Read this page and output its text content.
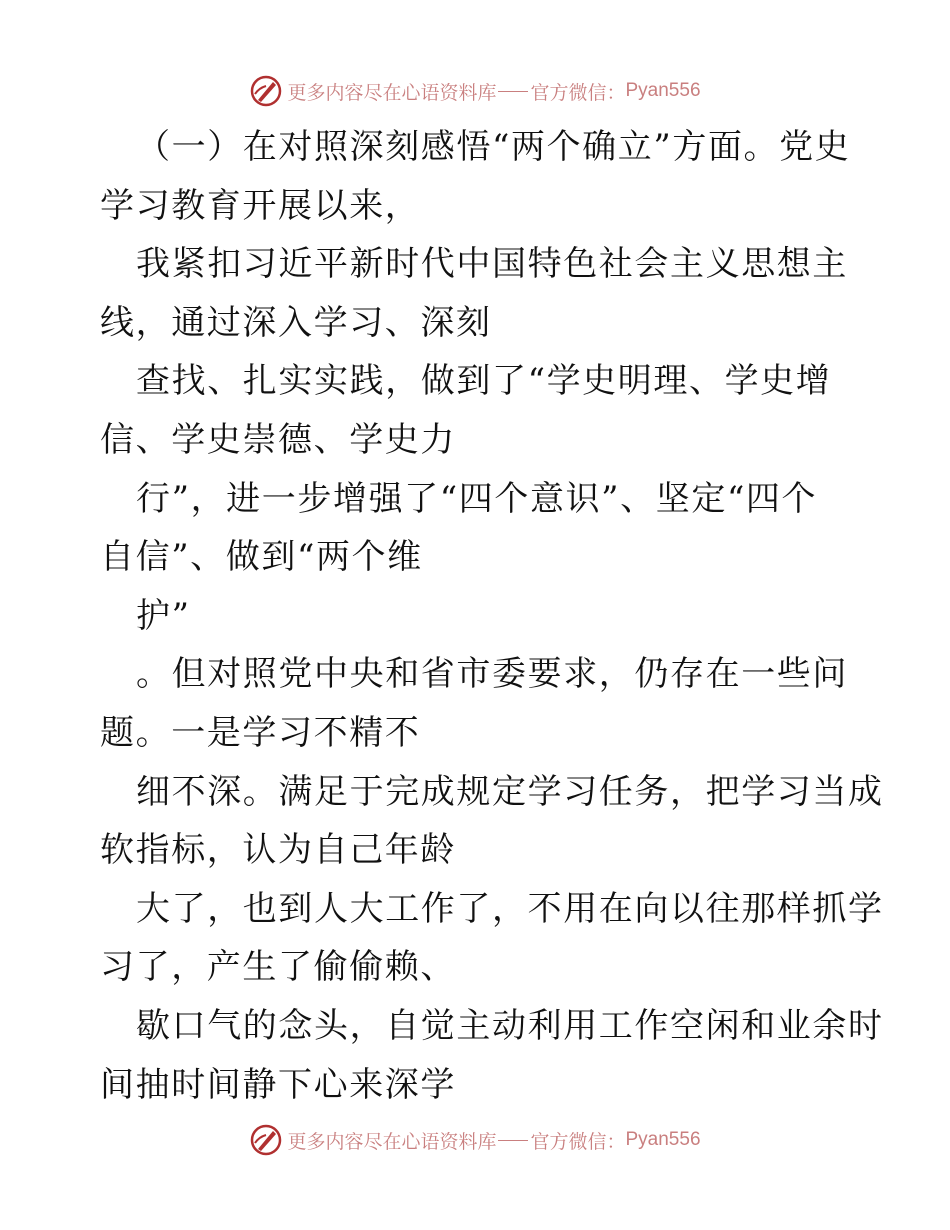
更多内容尽在心语资料库 官方微信： Pyan556
（一）在对照深刻感悟“两个确立”方面。党史
学习教育开展以来，
我紧扣习近平新时代中国特色社会主义思想主
线，通过深入学习、深刻
查找、扎实实践，做到了“学史明理、学史增
信、学史崇德、学史力
行”，进一步增强了“四个意识”、坚定“四个
自信”、做到“两个维
护”
。但对照党中央和省市委要求，仍存在一些问
题。一是学习不精不
细不深。满足于完成规定学习任务，把学习当成
软指标，认为自己年龄
大了，也到人大工作了，不用在向以往那样抓学
习了，产生了偷偷赖、
歇口气的念头，自觉主动利用工作空闲和业余时
间抽时间静下心来深学
更多内容尽在心语资料库 官方微信： Pyan556
